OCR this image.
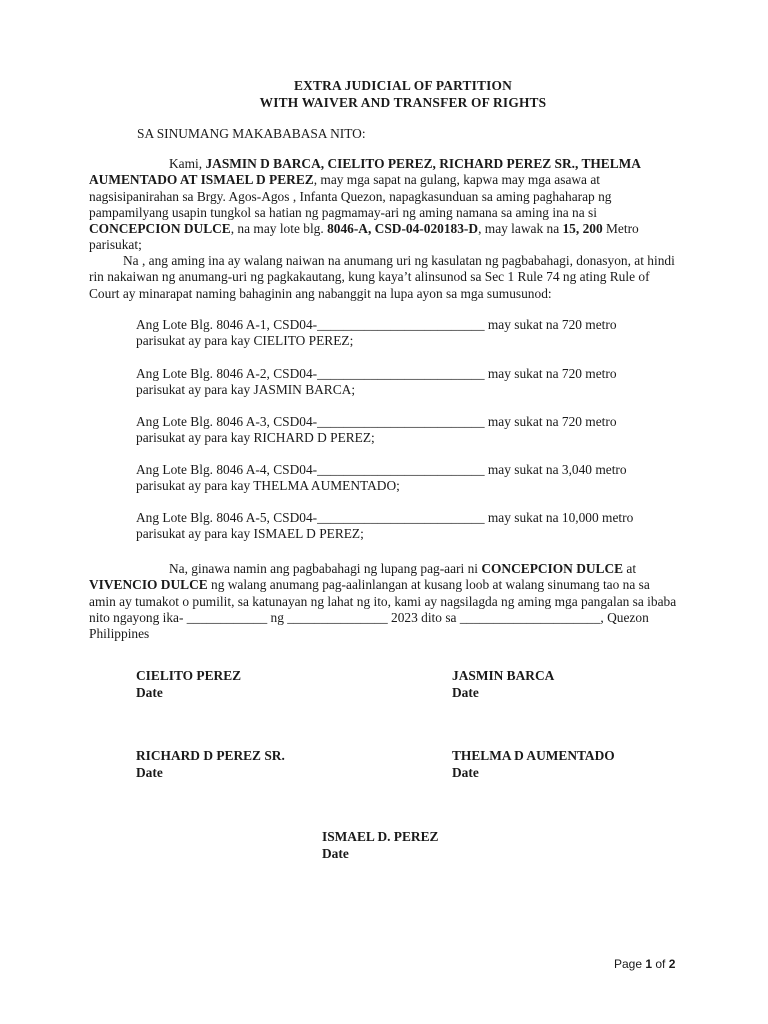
EXTRA JUDICIAL OF PARTITION
WITH WAIVER AND TRANSFER OF RIGHTS
SA SINUMANG MAKABABASA NITO:
Kami, JASMIN D BARCA, CIELITO PEREZ, RICHARD PEREZ SR., THELMA AUMENTADO AT ISMAEL D PEREZ, may mga sapat na gulang, kapwa may mga asawa at nagsisipanirahan sa Brgy. Agos-Agos , Infanta Quezon, napagkasunduan sa aming paghaharap ng pampamilyang usapin tungkol sa hatian ng pagmamay-ari ng aming namana sa aming ina na si CONCEPCION DULCE, na may lote blg. 8046-A, CSD-04-020183-D, may lawak na 15, 200 Metro parisukat;
Na , ang aming ina ay walang naiwan na anumang uri ng kasulatan ng pagbabahagi, donasyon, at hindi rin nakaiwan ng anumang-uri ng pagkakautang, kung kaya’t alinsunod sa Sec 1 Rule 74 ng ating Rule of Court ay minarapat naming bahaginin ang nabanggit na lupa ayon sa mga sumusunod:
Ang Lote Blg. 8046 A-1, CSD04-_________________________ may sukat na 720 metro
parisukat ay para kay CIELITO PEREZ;
Ang Lote Blg. 8046 A-2, CSD04-_________________________ may sukat na 720 metro
parisukat ay para kay JASMIN BARCA;
Ang Lote Blg. 8046 A-3, CSD04-_________________________ may sukat na 720 metro
parisukat ay para kay RICHARD D PEREZ;
Ang Lote Blg. 8046 A-4, CSD04-_________________________ may sukat na 3,040 metro
parisukat ay para kay THELMA AUMENTADO;
Ang Lote Blg. 8046 A-5, CSD04-_________________________ may sukat na 10,000 metro
parisukat ay para kay ISMAEL D PEREZ;
Na, ginawa namin ang pagbabahagi ng lupang pag-aari ni CONCEPCION DULCE at VIVENCIO DULCE ng walang anumang pag-aalinlangan at kusang loob at walang sinumang tao na sa amin ay tumakot o pumilit, sa katunayan ng lahat ng ito, kami ay nagsilagda ng aming mga pangalan sa ibaba nito ngayong ika- ____________ ng _______________ 2023 dito sa _____________________, Quezon Philippines
CIELITO PEREZ
Date
JASMIN BARCA
Date
RICHARD D PEREZ SR.
Date
THELMA D AUMENTADO
Date
ISMAEL D. PEREZ
Date
Page 1 of 2
